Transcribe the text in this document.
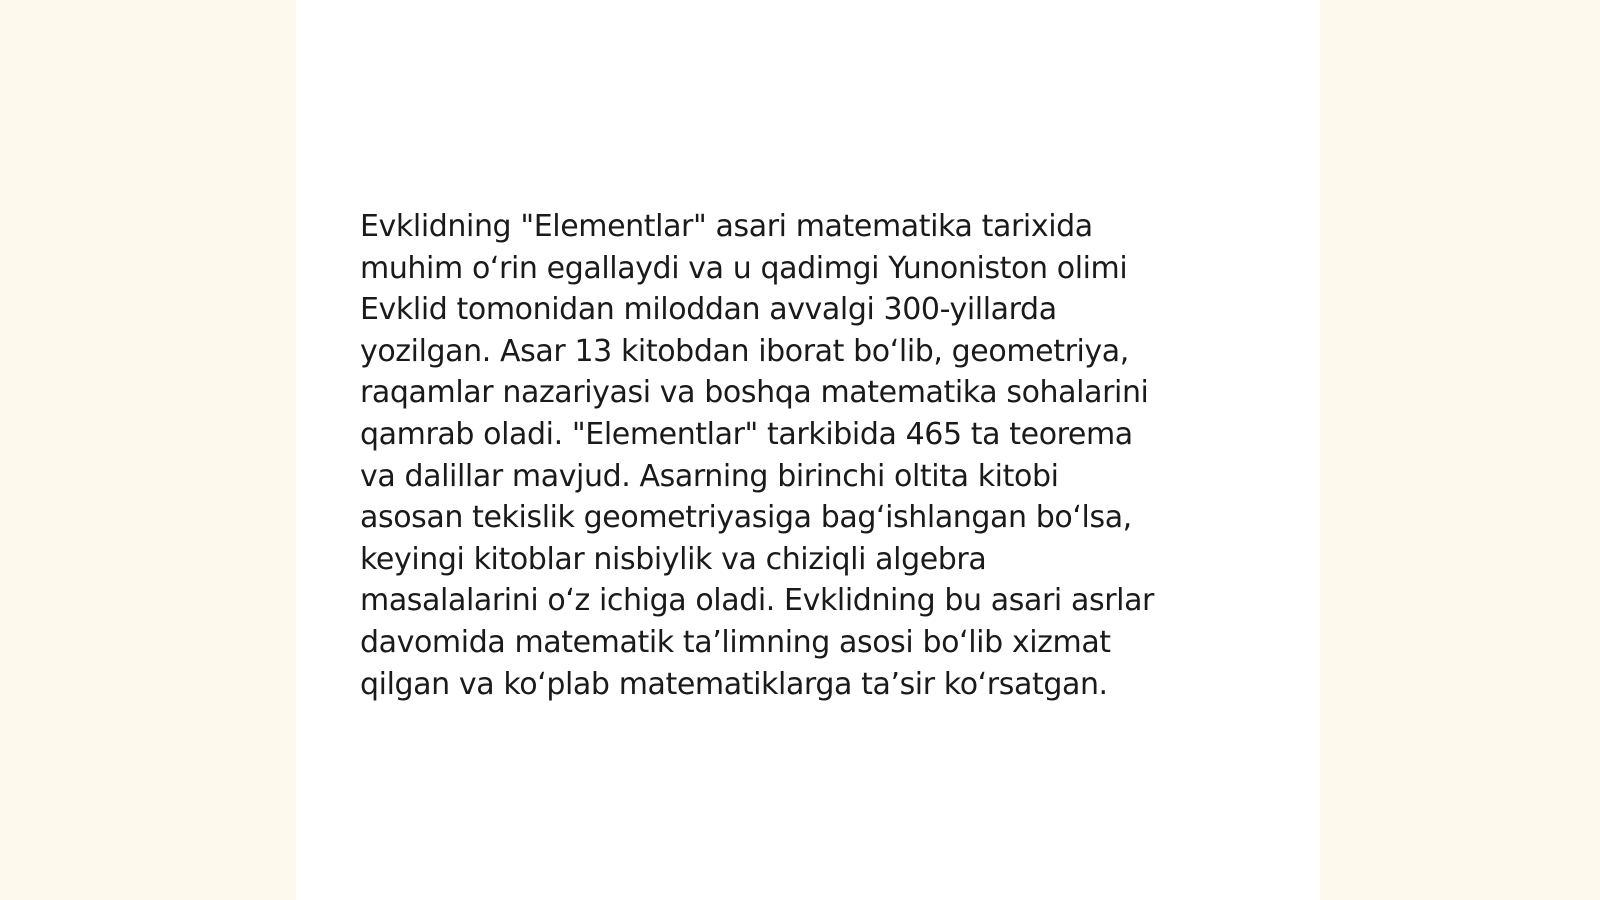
Evklidning "Elementlar" asari matematika tarixida
muhim o‘rin egallaydi va u qadimgi Yunoniston olimi
Evklid tomonidan miloddan avvalgi 300-yillarda
yozilgan. Asar 13 kitobdan iborat bo‘lib, geometriya,
raqamlar nazariyasi va boshqa matematika sohalarini
qamrab oladi. "Elementlar" tarkibida 465 ta teorema
va dalillar mavjud. Asarning birinchi oltita kitobi
asosan tekislik geometriyasiga bag‘ishlangan bo‘lsa,
keyingi kitoblar nisbiylik va chiziqli algebra
masalalarini o‘z ichiga oladi. Evklidning bu asari asrlar
davomida matematik ta’limning asosi bo‘lib xizmat
qilgan va ko‘plab matematiklarga ta’sir ko‘rsatgan.
